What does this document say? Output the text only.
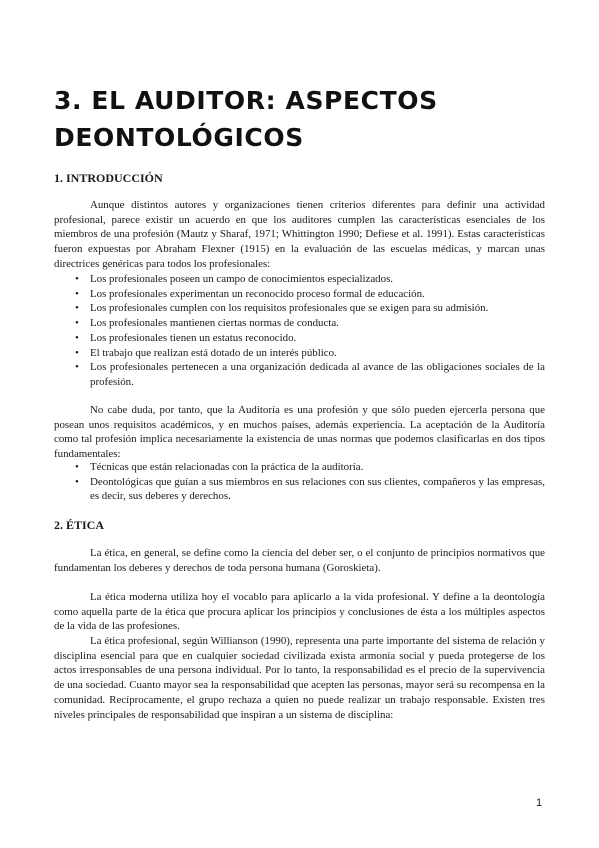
3. EL AUDITOR: ASPECTOS DEONTOLÓGICOS
1. INTRODUCCIÓN

Aunque distintos autores y organizaciones tienen criterios diferentes para definir una actividad profesional, parece existir un acuerdo en que los auditores cumplen las características esenciales de los miembros de una profesión (Mautz y Sharaf, 1971; Whittington 1990; Defiese et al. 1991). Estas características fueron expuestas por Abraham Flexner (1915) en la evaluación de las escuelas médicas, y marcan unas directrices genéricas para todos los profesionales:

• Los profesionales poseen un campo de conocimientos especializados.
• Los profesionales experimentan un reconocido proceso formal de educación.
• Los profesionales cumplen con los requisitos profesionales que se exigen para su admisión.
• Los profesionales mantienen ciertas normas de conducta.
• Los profesionales tienen un estatus reconocido.
• El trabajo que realizan está dotado de un interés público.
• Los profesionales pertenecen a una organización dedicada al avance de las obligaciones sociales de la profesión.

No cabe duda, por tanto, que la Auditoría es una profesión y que sólo pueden ejercerla persona que posean unos requisitos académicos, y en muchos países, además experiencia. La aceptación de la Auditoría como tal profesión implica necesariamente la existencia de unas normas que podemos clasificarlas en dos tipos fundamentales:

• Técnicas que están relacionadas con la práctica de la auditoría.
• Deontológicas que guían a sus miembros en sus relaciones con sus clientes, compañeros y las empresas, es decir, sus deberes y derechos.
2. ÉTICA

La ética, en general, se define como la ciencia del deber ser, o el conjunto de principios normativos que fundamentan los deberes y derechos de toda persona humana (Goroskieta).

La ética moderna utiliza hoy el vocablo para aplicarlo a la vida profesional. Y define a la deontología como aquella parte de la ética que procura aplicar los principios y conclusiones de ésta a los múltiples aspectos de la vida de las profesiones.

La ética profesional, según Willianson (1990), representa una parte importante del sistema de relación y disciplina esencial para que en cualquier sociedad civilizada exista armonía social y pueda protegerse de los actos irresponsables de una persona individual. Por lo tanto, la responsabilidad es el precio de la supervivencia de una sociedad. Cuanto mayor sea la responsabilidad que acepten las personas, mayor será su recompensa en la comunidad. Recíprocamente, el grupo rechaza a quien no puede realizar un trabajo responsable. Existen tres niveles principales de responsabilidad que inspiran a un sistema de disciplina:

1
